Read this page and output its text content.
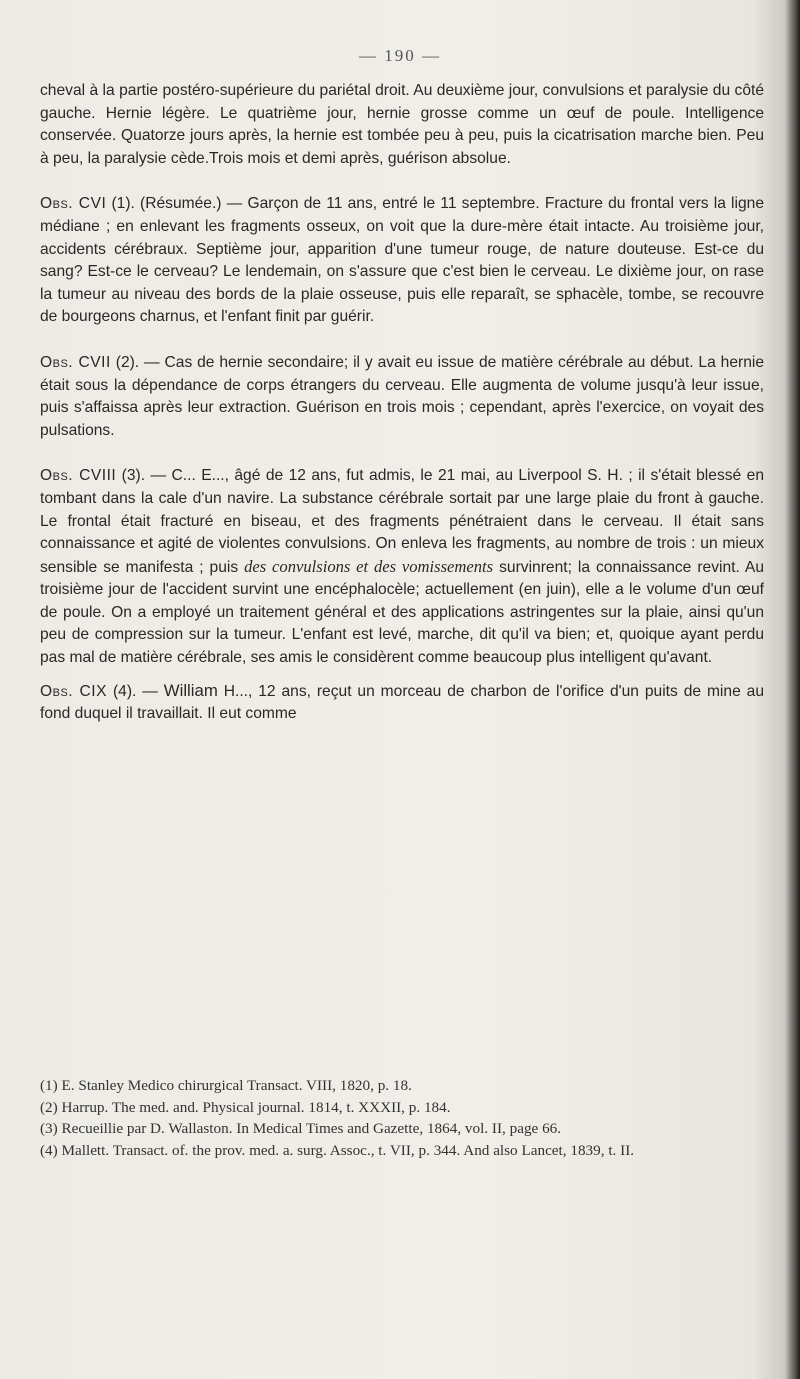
— 190 —

cheval à la partie postéro-supérieure du pariétal droit. Au deuxième jour, convulsions et paralysie du côté gauche. Hernie légère. Le quatrième jour, hernie grosse comme un œuf de poule. Intelligence conservée. Quatorze jours après, la hernie est tombée peu à peu, puis la cicatrisation marche bien. Peu à peu, la paralysie cède.Trois mois et demi après, guérison absolue.

Obs. CVI (1). (Résumée.) — Garçon de 11 ans, entré le 11 septembre. Fracture du frontal vers la ligne médiane ; en enlevant les fragments osseux, on voit que la dure-mère était intacte. Au troisième jour, accidents cérébraux. Septième jour, apparition d'une tumeur rouge, de nature douteuse. Est-ce du sang? Est-ce le cerveau? Le lendemain, on s'assure que c'est bien le cerveau. Le dixième jour, on rase la tumeur au niveau des bords de la plaie osseuse, puis elle reparaît, se sphacèle, tombe, se recouvre de bourgeons charnus, et l'enfant finit par guérir.

Obs. CVII (2). — Cas de hernie secondaire; il y avait eu issue de matière cérébrale au début. La hernie était sous la dépendance de corps étrangers du cerveau. Elle augmenta de volume jusqu'à leur issue, puis s'affaissa après leur extraction. Guérison en trois mois ; cependant, après l'exercice, on voyait des pulsations.

Obs. CVIII (3). — C... E..., âgé de 12 ans, fut admis, le 21 mai, au Liverpool S. H. ; il s'était blessé en tombant dans la cale d'un navire. La substance cérébrale sortait par une large plaie du front à gauche. Le frontal était fracturé en biseau, et des fragments pénétraient dans le cerveau. Il était sans connaissance et agité de violentes convulsions. On enleva les fragments, au nombre de trois : un mieux sensible se manifesta ; puis des convulsions et des vomissements survinrent; la connaissance revint. Au troisième jour de l'accident survint une encéphalocèle; actuellement (en juin), elle a le volume d'un œuf de poule. On a employé un traitement général et des applications astringentes sur la plaie, ainsi qu'un peu de compression sur la tumeur. L'enfant est levé, marche, dit qu'il va bien; et, quoique ayant perdu pas mal de matière cérébrale, ses amis le considèrent comme beaucoup plus intelligent qu'avant.

Obs. CIX (4). — William H..., 12 ans, reçut un morceau de charbon de l'orifice d'un puits de mine au fond duquel il travaillait. Il eut comme

(1) E. Stanley Medico chirurgical Transact. VIII, 1820, p. 18.

(2) Harrup. The med. and. Physical journal. 1814, t. XXXII, p. 184.

(3) Recueillie par D. Wallaston. In Medical Times and Gazette, 1864, vol. II, page 66.

(4) Mallett. Transact. of. the prov. med. a. surg. Assoc., t. VII, p. 344. And also Lancet, 1839, t. II.
